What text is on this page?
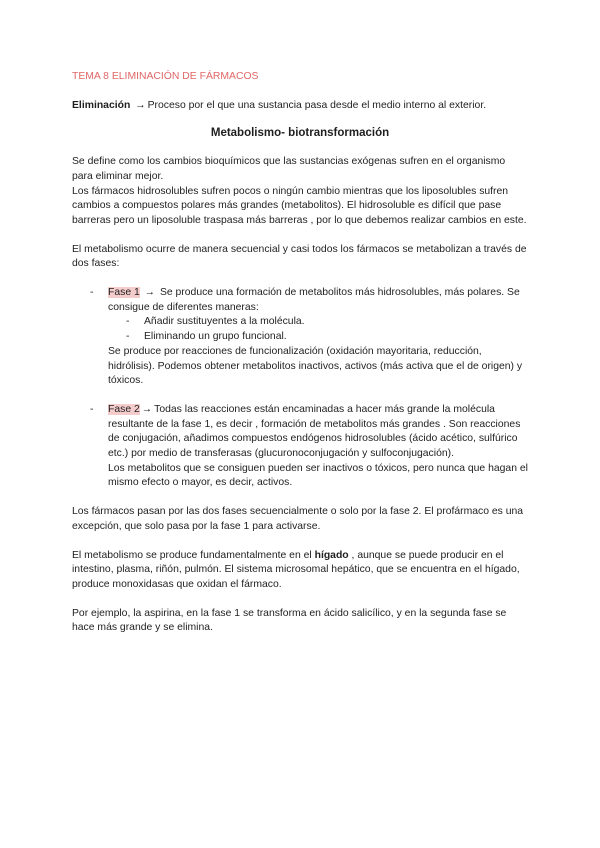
TEMA 8 ELIMINACIÓN DE FÁRMACOS

Eliminación → Proceso por el que una sustancia pasa desde el medio interno al exterior.

Metabolismo- biotransformación

Se define como los cambios bioquímicos que las sustancias exógenas sufren en el organismo para eliminar mejor.

Los fármacos hidrosolubles sufren pocos o ningún cambio mientras que los liposolubles sufren cambios a compuestos polares más grandes (metabolitos). El hidrosoluble es difícil que pase barreras pero un liposoluble traspasa más barreras , por lo que debemos realizar cambios en este.

El metabolismo ocurre de manera secuencial y casi todos los fármacos se metabolizan a través de dos fases:

- Fase 1 → Se produce una formación de metabolitos más hidrosolubles, más polares. Se consigue de diferentes maneras:
- Añadir sustituyentes a la molécula.
- Eliminando un grupo funcional.
Se produce por reacciones de funcionalización (oxidación mayoritaria, reducción, hidrólisis). Podemos obtener metabolitos inactivos, activos (más activa que el de origen) y tóxicos.
- Fase 2 → Todas las reacciones están encaminadas a hacer más grande la molécula resultante de la fase 1, es decir , formación de metabolitos más grandes . Son reacciones de conjugación, añadimos compuestos endógenos hidrosolubles (ácido acético, sulfúrico etc.) por medio de transferasas (glucuronoconjugación y sulfoconjugación).
Los metabolitos que se consiguen pueden ser inactivos o tóxicos, pero nunca que hagan el mismo efecto o mayor, es decir, activos.

Los fármacos pasan por las dos fases secuencialmente o solo por la fase 2. El profármaco es una excepción, que solo pasa por la fase 1 para activarse.

El metabolismo se produce fundamentalmente en el hígado , aunque se puede producir en el intestino, plasma, riñón, pulmón. El sistema microsomal hepático, que se encuentra en el hígado, produce monoxidasas que oxidan el fármaco.

Por ejemplo, la aspirina, en la fase 1 se transforma en ácido salicílico, y en la segunda fase se hace más grande y se elimina.
